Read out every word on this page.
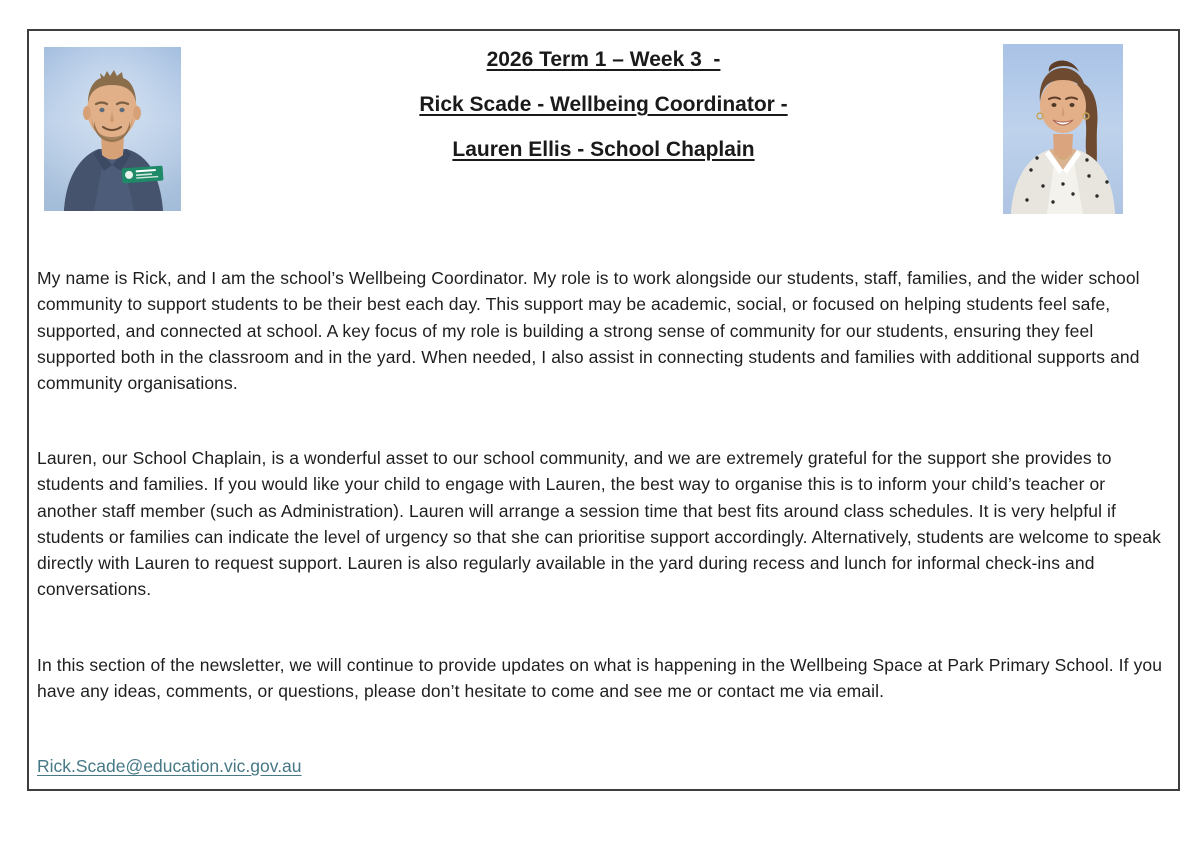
2026 Term 1 – Week 3  -
Rick Scade - Wellbeing Coordinator -
Lauren Ellis - School Chaplain

My name is Rick, and I am the school’s Wellbeing Coordinator. My role is to work alongside our students, staff, families, and the wider school community to support students to be their best each day. This support may be academic, social, or focused on helping students feel safe, supported, and connected at school. A key focus of my role is building a strong sense of community for our students, ensuring they feel supported both in the classroom and in the yard. When needed, I also assist in connecting students and families with additional supports and community organisations.

Lauren, our School Chaplain, is a wonderful asset to our school community, and we are extremely grateful for the support she provides to students and families. If you would like your child to engage with Lauren, the best way to organise this is to inform your child’s teacher or another staff member (such as Administration). Lauren will arrange a session time that best fits around class schedules. It is very helpful if students or families can indicate the level of urgency so that she can prioritise support accordingly. Alternatively, students are welcome to speak directly with Lauren to request support. Lauren is also regularly available in the yard during recess and lunch for informal check-ins and conversations.

In this section of the newsletter, we will continue to provide updates on what is happening in the Wellbeing Space at Park Primary School. If you have any ideas, comments, or questions, please don’t hesitate to come and see me or contact me via email.

Rick.Scade@education.vic.gov.au
